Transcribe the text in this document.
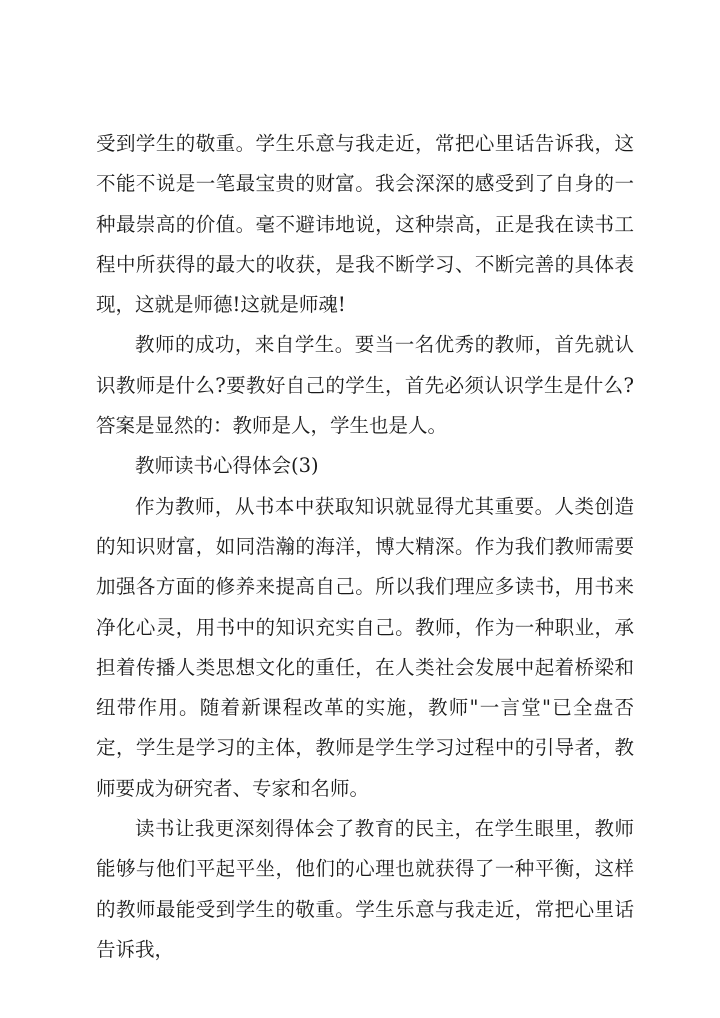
受到学生的敬重。学生乐意与我走近，常把心里话告诉我，这不能不说是一笔最宝贵的财富。我会深深的感受到了自身的一种最崇高的价值。毫不避讳地说，这种崇高，正是我在读书工程中所获得的最大的收获，是我不断学习、不断完善的具体表现，这就是师德!这就是师魂!

教师的成功，来自学生。要当一名优秀的教师，首先就认识教师是什么?要教好自己的学生，首先必须认识学生是什么?答案是显然的：教师是人，学生也是人。

教师读书心得体会(3)

作为教师，从书本中获取知识就显得尤其重要。人类创造的知识财富，如同浩瀚的海洋，博大精深。作为我们教师需要加强各方面的修养来提高自己。所以我们理应多读书，用书来净化心灵，用书中的知识充实自己。教师，作为一种职业，承担着传播人类思想文化的重任，在人类社会发展中起着桥梁和纽带作用。随着新课程改革的实施，教师"一言堂"已全盘否定，学生是学习的主体，教师是学生学习过程中的引导者，教师要成为研究者、专家和名师。

读书让我更深刻得体会了教育的民主，在学生眼里，教师能够与他们平起平坐，他们的心理也就获得了一种平衡，这样的教师最能受到学生的敬重。学生乐意与我走近，常把心里话告诉我，
